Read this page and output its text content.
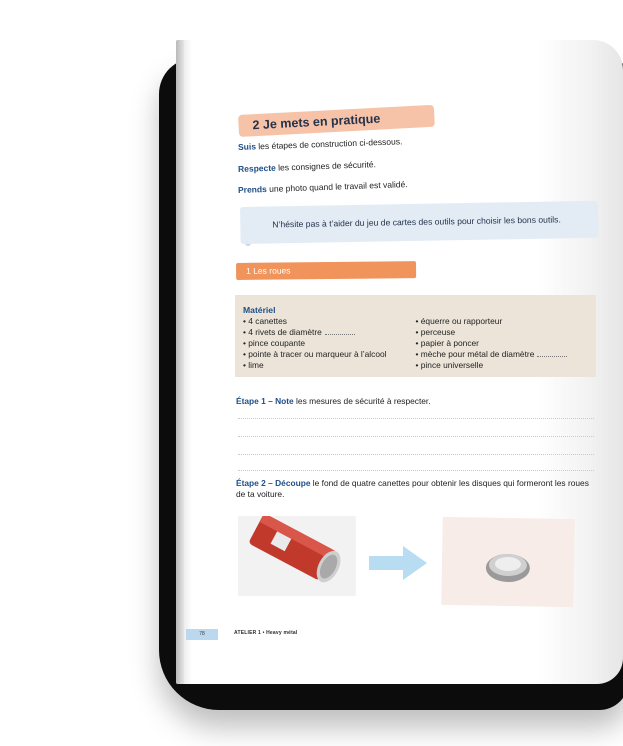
2 Je mets en pratique
Suis les étapes de construction ci-dessous.
Respecte les consignes de sécurité.
Prends une photo quand le travail est validé.
N’hésite pas à t’aider du jeu de cartes des outils pour choisir les bons outils.
1 Les roues
Matériel
• 4 canettes
• 4 rivets de diamètre
• pince coupante
• pointe à tracer ou marqueur à l’alcool
• lime
• équerre ou rapporteur
• perceuse
• papier à poncer
• mèche pour métal de diamètre
• pince universelle
Étape 1 – Note les mesures de sécurité à respecter.
Étape 2 – Découpe le fond de quatre canettes pour obtenir les disques qui formeront les roues de ta voiture.
78	ATELIER 1 • Heavy métal
